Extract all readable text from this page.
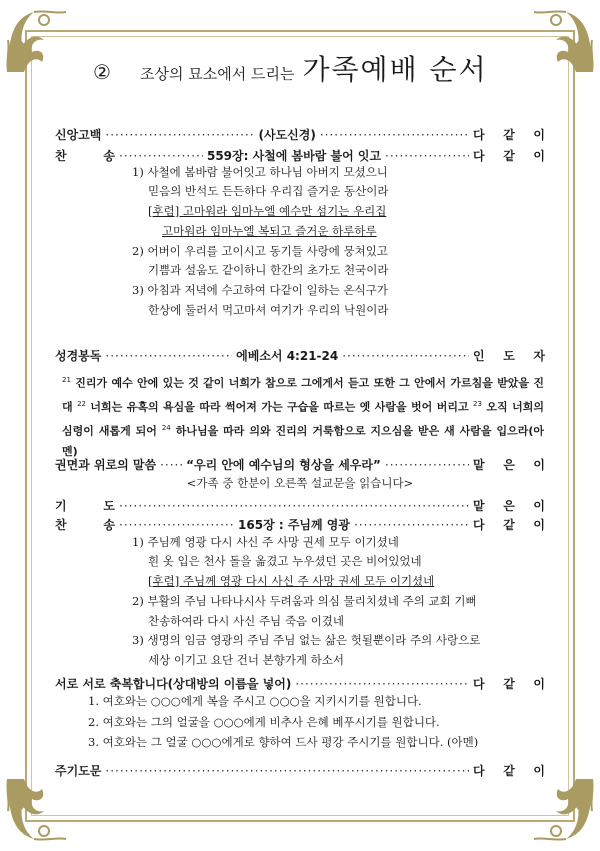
②	조상의 묘소에서 드리는 가족예배 순서
신앙고백 ·····	(사도신경) ·····	다 같 이
찬 송 ·····	559장: 사철에 봄바람 불어 잇고 ·····	다 같 이
1) 사철에 봄바람 불어잇고 하나님 아버지 모셨으니
믿음의 반석도 든든하다 우리집 즐거운 동산이라
[후렴] 고마워라 임마누엘 예수만 섬기는 우리집
고마워라 임마누엘 복되고 즐거운 하루하루
2) 어버이 우리를 고이시고 동기들 사랑에 뭉쳐있고
기쁨과 설움도 같이하니 한간의 초가도 천국이라
3) 아침과 저녁에 수고하여 다같이 일하는 온식구가
한상에 둘러서 먹고마셔 여기가 우리의 낙원이라
성경봉독 ·····	에베소서 4:21-24 ·····	인 도 자
$^{21}$ 진리가 예수 안에 있는 것 같이 너희가 참으로 그에게서 듣고 또한 그 안에서 가르침을 받았을 진대 $^{22}$ 너희는 유혹의 욕심을 따라 썩어져 가는 구습을 따르는 옛 사람을 벗어 버리고 $^{23}$ 오직 너희의 심령이 새롭게 되어 $^{24}$ 하나님을 따라 의와 진리의 거룩함으로 지으심을 받은 새 사람을 입으라(아멘)
권면과 위로의 말씀 ·····	“우리 안에 예수님의 형상을 세우라” ·····	맡 은 이
<가족 중 한분이 오른쪽 설교문을 읽습니다>
기 도 ·····	맡 은 이
찬 송 ·····	165장 : 주님께 영광 ·····	다 같 이
1) 주님께 영광 다시 사신 주 사망 권세 모두 이기셨네
흰 옷 입은 천사 돌을 옮겼고 누우셨던 곳은 비어있었네
[후렴] 주님께 영광 다시 사신 주 사망 권세 모두 이기셨네
2) 부활의 주님 나타나시사 두려움과 의심 물리치셨네 주의 교회 기뻐
찬송하여라 다시 사신 주님 죽음 이겼네
3) 생명의 임금 영광의 주님 주님 없는 삶은 헛될뿐이라 주의 사랑으로
세상 이기고 요단 건너 본향가게 하소서
서로 서로 축복합니다(상대방의 이름을 넣어) ·····	다 같 이
1. 여호와는 ○○○에게 복을 주시고 ○○○을 지키시기를 원합니다.
2. 여호와는 그의 얼굴을 ○○○에게 비추사 은혜 베푸시기를 원합니다.
3. 여호와는 그 얼굴 ○○○에게로 향하여 드사 평강 주시기를 원합니다. (아멘)
주기도문 ·····	다 같 이
